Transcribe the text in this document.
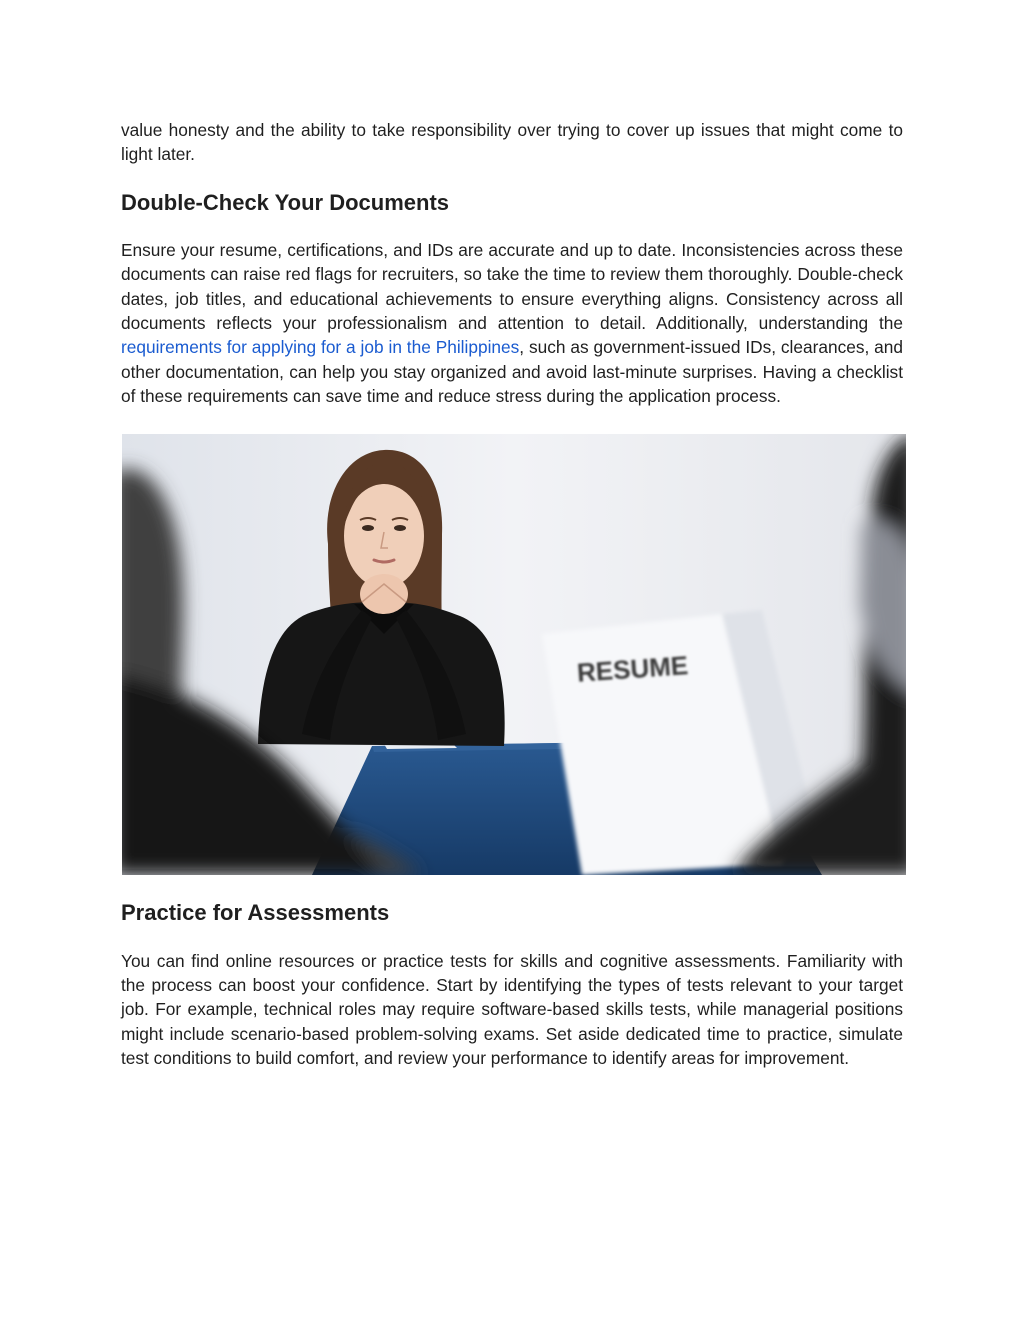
value honesty and the ability to take responsibility over trying to cover up issues that might come to light later.

Double-Check Your Documents

Ensure your resume, certifications, and IDs are accurate and up to date. Inconsistencies across these documents can raise red flags for recruiters, so take the time to review them thoroughly. Double-check dates, job titles, and educational achievements to ensure everything aligns. Consistency across all documents reflects your professionalism and attention to detail. Additionally, understanding the requirements for applying for a job in the Philippines, such as government-issued IDs, clearances, and other documentation, can help you stay organized and avoid last-minute surprises. Having a checklist of these requirements can save time and reduce stress during the application process.

RESUME
Practice for Assessments

You can find online resources or practice tests for skills and cognitive assessments. Familiarity with the process can boost your confidence. Start by identifying the types of tests relevant to your target job. For example, technical roles may require software-based skills tests, while managerial positions might include scenario-based problem-solving exams. Set aside dedicated time to practice, simulate test conditions to build comfort, and review your performance to identify areas for improvement.
